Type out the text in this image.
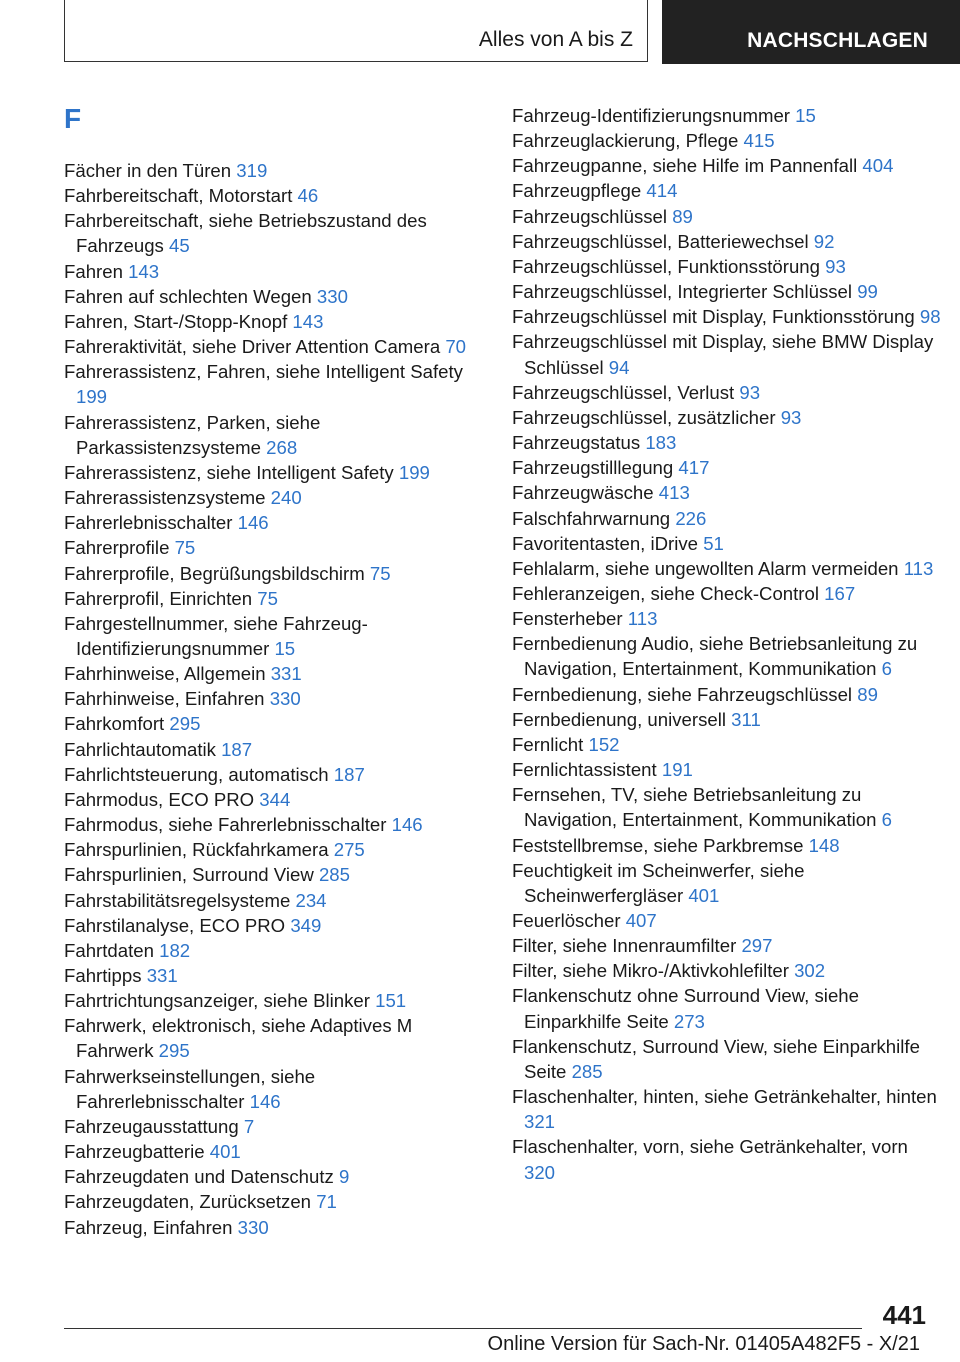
Alles von A bis Z	NACHSCHLAGEN
F
Fächer in den Türen 319
Fahrbereitschaft, Motorstart 46
Fahrbereitschaft, siehe Betriebszustand des Fahrzeugs 45
Fahren 143
Fahren auf schlechten Wegen 330
Fahren, Start-/Stopp-Knopf 143
Fahreraktivität, siehe Driver Attention Camera 70
Fahrerassistenz, Fahren, siehe Intelligent Safety 199
Fahrerassistenz, Parken, siehe Parkassistenzsysteme 268
Fahrerassistenz, siehe Intelligent Safety 199
Fahrerassistenzsysteme 240
Fahrerlebnisschalter 146
Fahrerprofile 75
Fahrerprofile, Begrüßungsbildschirm 75
Fahrerprofil, Einrichten 75
Fahrgestellnummer, siehe Fahrzeug-Identifizierungsnummer 15
Fahrhinweise, Allgemein 331
Fahrhinweise, Einfahren 330
Fahrkomfort 295
Fahrlichtautomatik 187
Fahrlichtsteuerung, automatisch 187
Fahrmodus, ECO PRO 344
Fahrmodus, siehe Fahrerlebnisschalter 146
Fahrspurlinien, Rückfahrkamera 275
Fahrspurlinien, Surround View 285
Fahrstabilitätsregelsysteme 234
Fahrstilanalyse, ECO PRO 349
Fahrtdaten 182
Fahrtipps 331
Fahrtrichtungsanzeiger, siehe Blinker 151
Fahrwerk, elektronisch, siehe Adaptives M Fahrwerk 295
Fahrwerkseinstellungen, siehe Fahrerlebnisschalter 146
Fahrzeugausstattung 7
Fahrzeugbatterie 401
Fahrzeugdaten und Datenschutz 9
Fahrzeugdaten, Zurücksetzen 71
Fahrzeug, Einfahren 330
Fahrzeug-Identifizierungsnummer 15
Fahrzeuglackierung, Pflege 415
Fahrzeugpanne, siehe Hilfe im Pannenfall 404
Fahrzeugpflege 414
Fahrzeugschlüssel 89
Fahrzeugschlüssel, Batteriewechsel 92
Fahrzeugschlüssel, Funktionsstörung 93
Fahrzeugschlüssel, Integrierter Schlüssel 99
Fahrzeugschlüssel mit Display, Funktionsstörung 98
Fahrzeugschlüssel mit Display, siehe BMW Display Schlüssel 94
Fahrzeugschlüssel, Verlust 93
Fahrzeugschlüssel, zusätzlicher 93
Fahrzeugstatus 183
Fahrzeugstilllegung 417
Fahrzeugwäsche 413
Falschfahrwarnung 226
Favoritentasten, iDrive 51
Fehlalarm, siehe ungewollten Alarm vermeiden 113
Fehleranzeigen, siehe Check-Control 167
Fensterheber 113
Fernbedienung Audio, siehe Betriebsanleitung zu Navigation, Entertainment, Kommunikation 6
Fernbedienung, siehe Fahrzeugschlüssel 89
Fernbedienung, universell 311
Fernlicht 152
Fernlichtassistent 191
Fernsehen, TV, siehe Betriebsanleitung zu Navigation, Entertainment, Kommunikation 6
Feststellbremse, siehe Parkbremse 148
Feuchtigkeit im Scheinwerfer, siehe Scheinwerfergläser 401
Feuerlöscher 407
Filter, siehe Innenraumfilter 297
Filter, siehe Mikro-/Aktivkohlefilter 302
Flankenschutz ohne Surround View, siehe Einparkhilfe Seite 273
Flankenschutz, Surround View, siehe Einparkhilfe Seite 285
Flaschenhalter, hinten, siehe Getränkehalter, hinten 321
Flaschenhalter, vorn, siehe Getränkehalter, vorn 320
441
Online Version für Sach-Nr. 01405A482F5 - X/21
